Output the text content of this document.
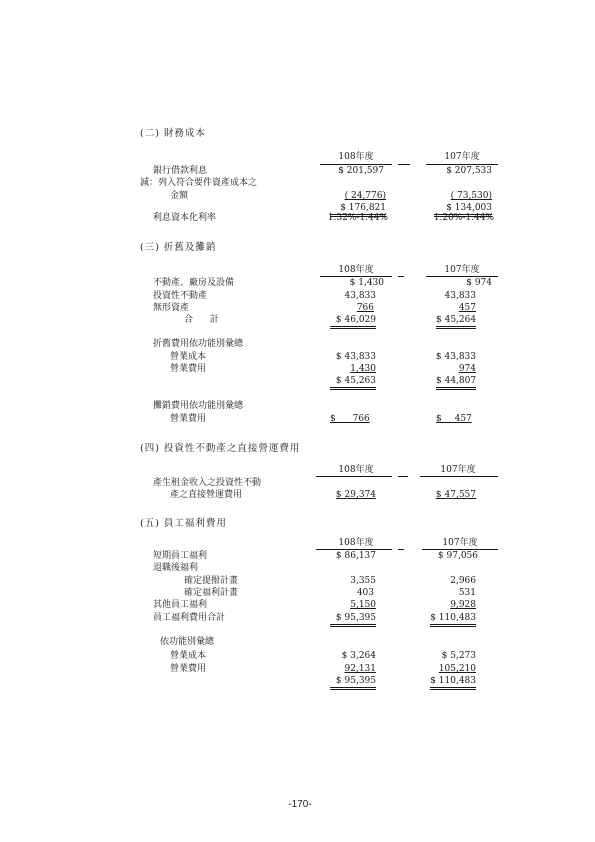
(二) 財務成本
108年度	107年度
銀行借款利息	$ 201,597	$ 207,533
減：列入符合要件資產成本之
金額	( 24,776)	( 73,530)
$ 176,821	$ 134,003
利息資本化利率	1.32%-1.44%	1.20%-1.44%
(三) 折舊及攤銷
108年度	107年度
不動產、廠房及設備	$ 1,430	$ 974
投資性不動產	43,833	43,833
無形資產	766	457
合 計	$ 46,029	$ 45,264
折舊費用依功能別彙總
營業成本	$ 43,833	$ 43,833
營業費用	1,430	974
$ 45,263	$ 44,807
攤銷費用依功能別彙總
營業費用	$ 766	$ 457
(四) 投資性不動產之直接營運費用
108年度	107年度
產生租金收入之投資性不動
產之直接營運費用	$ 29,374	$ 47,557
(五) 員工福利費用
108年度	107年度
短期員工福利	$ 86,137	$ 97,056
退職後福利
確定提撥計畫	3,355	2,966
確定福利計畫	403	531
其他員工福利	5,150	9,928
員工福利費用合計	$ 95,395	$ 110,483
依功能別彙總
營業成本	$ 3,264	$ 5,273
營業費用	92,131	105,210
$ 95,395	$ 110,483
-170-
